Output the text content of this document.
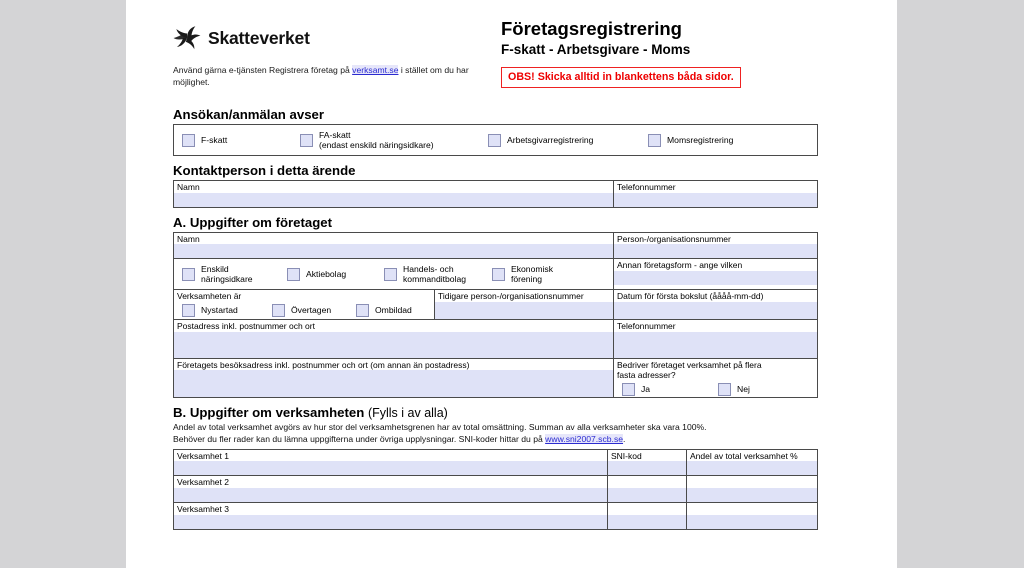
Skatteverket
Använd gärna e-tjänsten Registrera företag på verksamt.se i stället om du har möjlighet.
Företagsregistrering
F-skatt - Arbetsgivare - Moms
OBS! Skicka alltid in blankettens båda sidor.
Ansökan/anmälan avser
F-skatt
FA-skatt
(endast enskild näringsidkare)
Arbetsgivarregistrering	Momsregistrering
Kontaktperson i detta ärende
Namn	Telefonnummer
A. Uppgifter om företaget
Namn	Person-/organisationsnummer
Enskild
näringsidkare
Aktiebolag
Handels- och
kommanditbolag
Ekonomisk
förening
Annan företagsform - ange vilken
Verksamheten är
Nystartad	Övertagen	Ombildad
Tidigare person-/organisationsnummer	Datum för första bokslut (åååå-mm-dd)
Postadress inkl. postnummer och ort	Telefonnummer
Företagets besöksadress inkl. postnummer och ort (om annan än postadress)	Bedriver företaget verksamhet på flera
fasta adresser?
Ja	Nej
B. Uppgifter om verksamheten (Fylls i av alla)
Andel av total verksamhet avgörs av hur stor del verksamhetsgrenen har av total omsättning. Summan av alla verksamheter ska vara 100%.
Behöver du fler rader kan du lämna uppgifterna under övriga upplysningar. SNI-koder hittar du på www.sni2007.scb.se.
Verksamhet 1	SNI-kod	Andel av total verksamhet %
Verksamhet 2

Verksamhet 3
